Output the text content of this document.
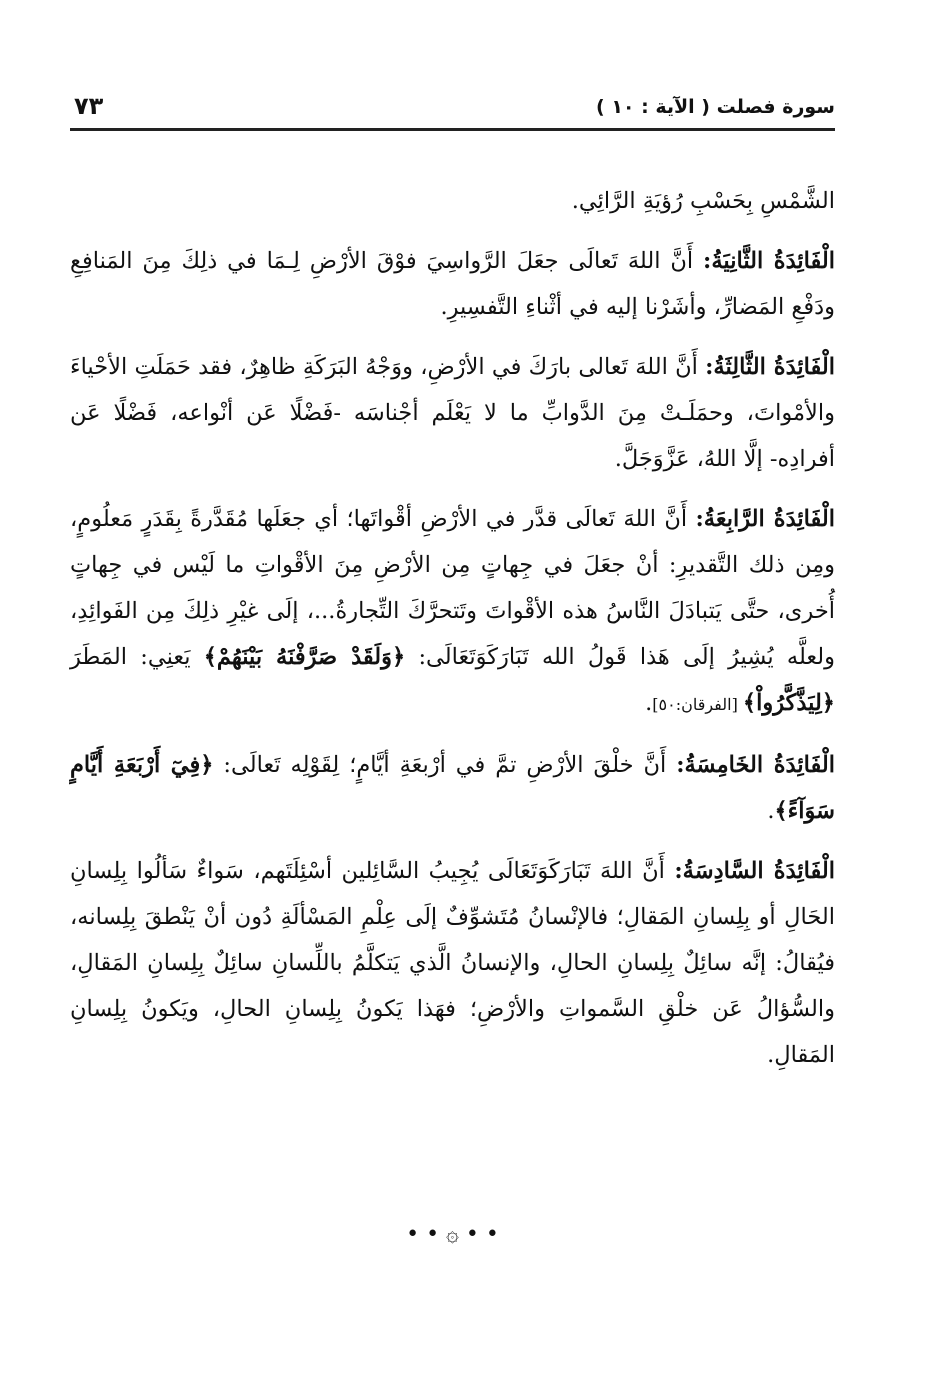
سورة فصلت ( الآية : ١٠ )
٧٣

الشَّمْسِ بِحَسْبِ رُؤيَةِ الرَّائِي.

الْفَائِدَةُ الثَّانِيَةُ: أَنَّ اللهَ تَعالَى جعَلَ الرَّواسِيَ فوْقَ الأرْضِ لِـمَا في ذلِكَ مِنَ المَنافِعِ ودَفْعِ المَضارِّ، وأشَرْنا إليه في أثْناءِ التَّفسِيرِ.

الْفَائِدَةُ الثَّالِثَةُ: أَنَّ اللهَ تَعالى بارَكَ في الأرْضِ، ووَجْهُ البَرَكَةِ ظاهِرٌ، فقد حَمَلَتِ الأحْياءَ والأمْواتَ، وحمَلَـتْ مِنَ الدَّوابِّ ما لا يَعْلَم أجْناسَه -فَضْلًا عَن أنْواعه، فَضْلًا عَن أفرادِه- إلَّا اللهُ، عَزَّوَجَلَّ.

الْفَائِدَةُ الرَّابِعَةُ: أَنَّ اللهَ تَعالَى قدَّر في الأرْضِ أقْواتَها؛ أي جعَلَها مُقَدَّرةً بِقَدَرٍ مَعلُومٍ، ومِن ذلك التَّقديرِ: أنْ جعَلَ في جِهاتٍ مِن الأرْضِ مِنَ الأقْواتِ ما لَيْس في جِهاتٍ أُخرى، حتَّى يَتبادَلَ النَّاسُ هذه الأقْواتَ وتَتحرَّكَ التِّجارةُ...، إلَى غيْرِ ذلِكَ مِن الفَوائِدِ، ولعلَّه يُشِيرُ إلَى هَذا قَولُ الله تَبَارَكَوَتَعَالَى: ﴿وَلَقَدْ صَرَّفْنَهُ بَيْنَهُمْ﴾ يَعنِي: المَطَرَ ﴿لِيَذَّكَّرُواْ﴾ [الفرقان:٥٠].

الْفَائِدَةُ الخَامِسَةُ: أَنَّ خلْقَ الأرْضِ تمَّ في أرْبعَةِ أيَّامٍ؛ لِقَوْلِه تَعالَى: ﴿فِيٓ أَرْبَعَةِ أَيَّامٍ سَوَآءً﴾.

الْفَائِدَةُ السَّادِسَةُ: أَنَّ اللهَ تَبَارَكَوَتَعَالَى يُجِيبُ السَّائِلين أسْئِلَتَهم، سَواءٌ سَألُوا بِلِسانِ الحَالِ أو بِلِسانِ المَقالِ؛ فالإنْسانُ مُتَشوِّفٌ إلَى عِلْمِ المَسْألَةِ دُون أنْ يَنْطقَ بِلِسانه، فيُقالُ: إنَّه سائِلٌ بِلِسانِ الحالِ، والإنسانُ الَّذي يَتكلَّمُ باللِّسانِ سائِلٌ بِلِسانِ المَقالِ، والسُّؤالُ عَن خلْقِ السَّمواتِ والأرْضِ؛ فهَذا يَكونُ بِلِسانِ الحالِ، ويَكونُ بِلِسانِ المَقالِ.

• • ۞ • •
